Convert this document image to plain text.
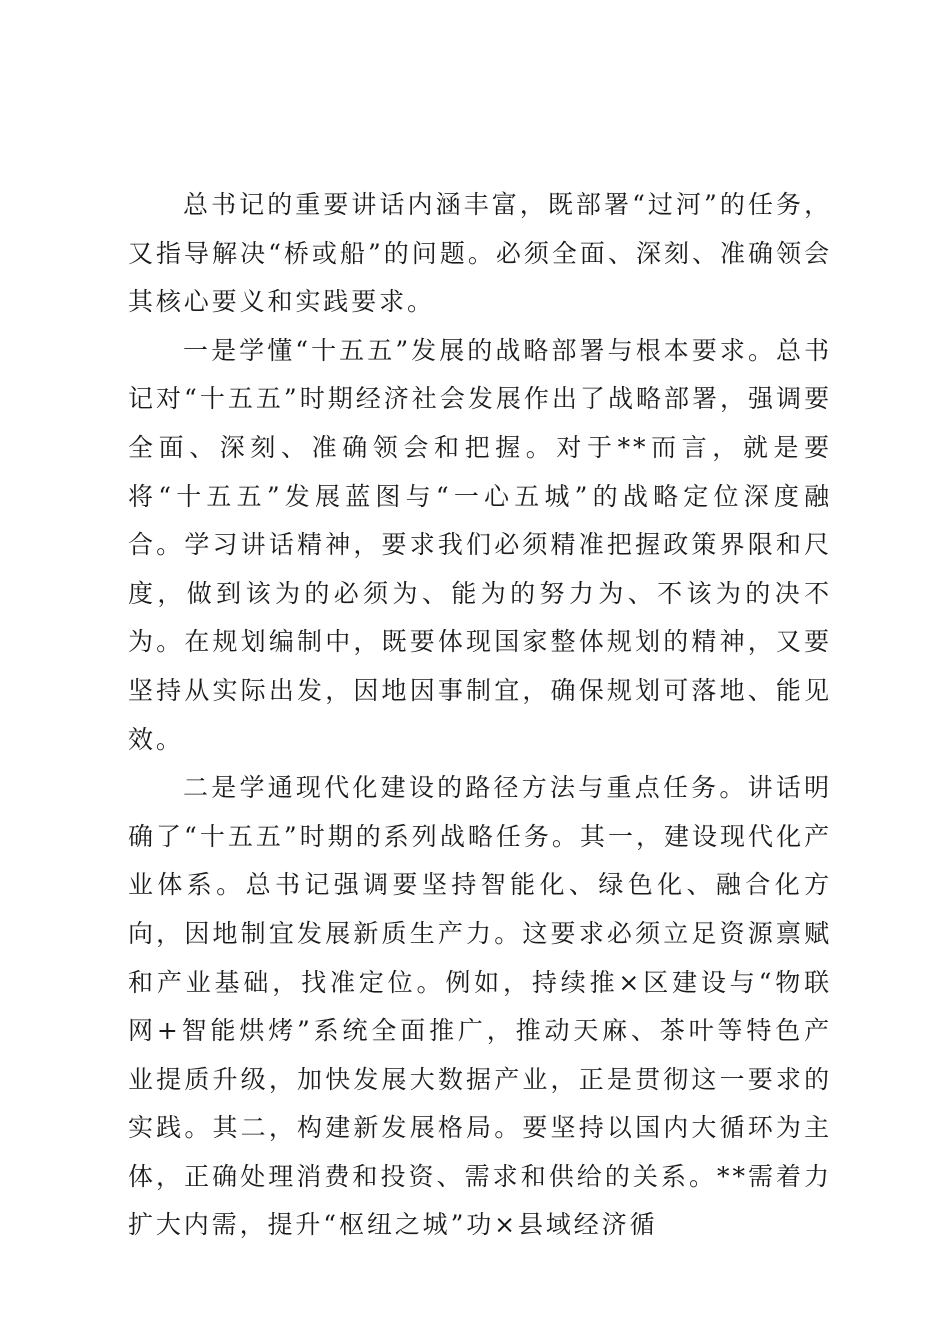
总书记的重要讲话内涵丰富，既部署“过河”的任务，又指导解决“桥或船”的问题。必须全面、深刻、准确领会其核心要义和实践要求。

一是学懂“十五五”发展的战略部署与根本要求。总书记对“十五五”时期经济社会发展作出了战略部署，强调要全面、深刻、准确领会和把握。对于**而言，就是要将“十五五”发展蓝图与“一心五城”的战略定位深度融合。学习讲话精神，要求我们必须精准把握政策界限和尺度，做到该为的必须为、能为的努力为、不该为的决不为。在规划编制中，既要体现国家整体规划的精神，又要坚持从实际出发，因地因事制宜，确保规划可落地、能见效。

二是学通现代化建设的路径方法与重点任务。讲话明确了“十五五”时期的系列战略任务。其一，建设现代化产业体系。总书记强调要坚持智能化、绿色化、融合化方向，因地制宜发展新质生产力。这要求必须立足资源禀赋和产业基础，找准定位。例如，持续推×区建设与“物联网+智能烘烤”系统全面推广，推动天麻、茶叶等特色产业提质升级，加快发展大数据产业，正是贯彻这一要求的实践。其二，构建新发展格局。要坚持以国内大循环为主体，正确处理消费和投资、需求和供给的关系。**需着力扩大内需，提升“枢纽之城”功×县域经济循
